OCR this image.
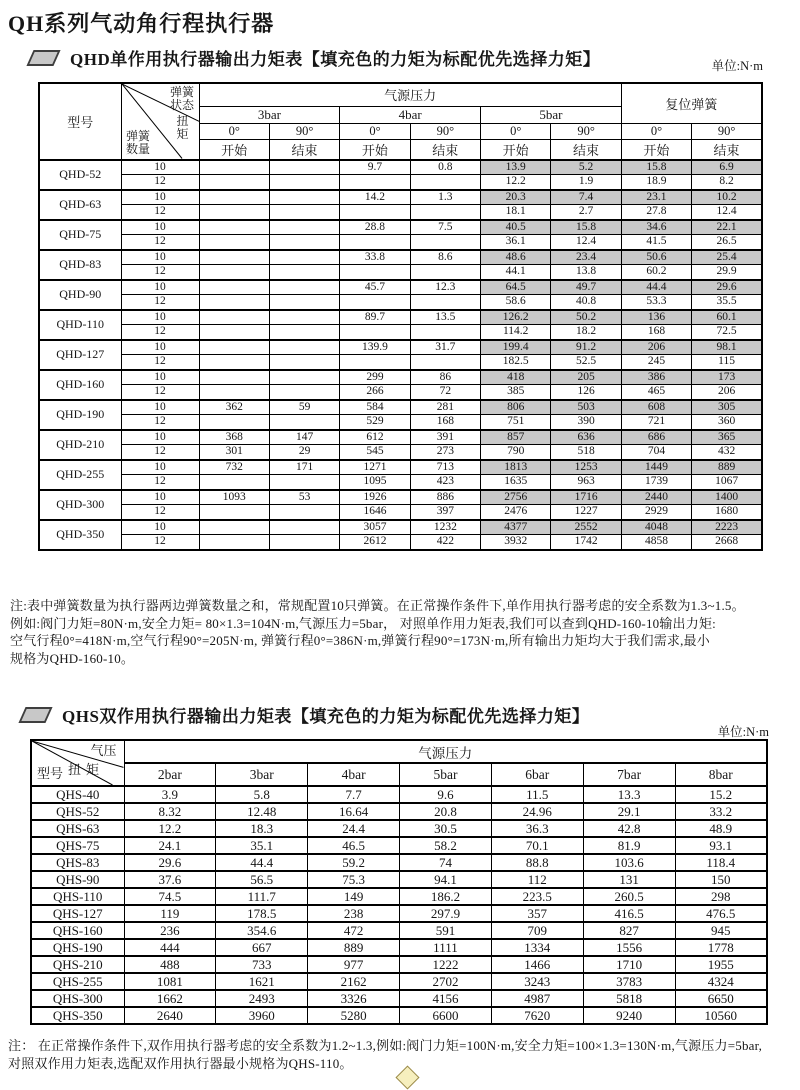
QH系列气动角行程执行器
QHD单作用执行器输出力矩表【填充色的力矩为标配优先选择力矩】	单位:N·m
型号	弹簧状态
扭矩
弹簧数量	气源压力						复位弹簧	
		3bar		4bar		5bar			
		0°	90°	0°	90°	0°	90°	0°	90°
		开始	结束	开始	结束	开始	结束	开始	结束
QHD-52	10			9.7	0.8	13.9	5.2	15.8	6.9
	12					12.2	1.9	18.9	8.2
QHD-63	10			14.2	1.3	20.3	7.4	23.1	10.2
	12					18.1	2.7	27.8	12.4
QHD-75	10			28.8	7.5	40.5	15.8	34.6	22.1
	12					36.1	12.4	41.5	26.5
QHD-83	10			33.8	8.6	48.6	23.4	50.6	25.4
	12					44.1	13.8	60.2	29.9
QHD-90	10			45.7	12.3	64.5	49.7	44.4	29.6
	12					58.6	40.8	53.3	35.5
QHD-110	10			89.7	13.5	126.2	50.2	136	60.1
	12					114.2	18.2	168	72.5
QHD-127	10			139.9	31.7	199.4	91.2	206	98.1
	12					182.5	52.5	245	115
QHD-160	10			299	86	418	205	386	173
	12			266	72	385	126	465	206
QHD-190	10	362	59	584	281	806	503	608	305
	12			529	168	751	390	721	360
QHD-210	10	368	147	612	391	857	636	686	365
	12	301	29	545	273	790	518	704	432
QHD-255	10	732	171	1271	713	1813	1253	1449	889
	12			1095	423	1635	963	1739	1067
QHD-300	10	1093	53	1926	886	2756	1716	2440	1400
	12			1646	397	2476	1227	2929	1680
QHD-350	10			3057	1232	4377	2552	4048	2223
	12			2612	422	3932	1742	4858	2668
注:表中弹簧数量为执行器两边弹簧数量之和，常规配置10只弹簧。在正常操作条件下,单作用执行器考虑的安全系数为1.3~1.5。
例如:阀门力矩=80N·m,安全力矩= 80×1.3=104N·m,气源压力=5bar， 对照单作用力矩表,我们可以查到QHD-160-10输出力矩:
空气行程0°=418N·m,空气行程90°=205N·m, 弹簧行程0°=386N·m,弹簧行程90°=173N·m,所有输出力矩均大于我们需求,最小
规格为QHD-160-10。
QHS双作用执行器输出力矩表【填充色的力矩为标配优先选择力矩】
单位:N·m
气压
扭矩
型号	气源压力						
	2bar	3bar	4bar	5bar	6bar	7bar	8bar
QHS-40	3.9	5.8	7.7	9.6	11.5	13.3	15.2
QHS-52	8.32	12.48	16.64	20.8	24.96	29.1	33.2
QHS-63	12.2	18.3	24.4	30.5	36.3	42.8	48.9
QHS-75	24.1	35.1	46.5	58.2	70.1	81.9	93.1
QHS-83	29.6	44.4	59.2	74	88.8	103.6	118.4
QHS-90	37.6	56.5	75.3	94.1	112	131	150
QHS-110	74.5	111.7	149	186.2	223.5	260.5	298
QHS-127	119	178.5	238	297.9	357	416.5	476.5
QHS-160	236	354.6	472	591	709	827	945
QHS-190	444	667	889	1111	1334	1556	1778
QHS-210	488	733	977	1222	1466	1710	1955
QHS-255	1081	1621	2162	2702	3243	3783	4324
QHS-300	1662	2493	3326	4156	4987	5818	6650
QHS-350	2640	3960	5280	6600	7620	9240	10560
注： 在正常操作条件下,双作用执行器考虑的安全系数为1.2~1.3,例如:阀门力矩=100N·m,安全力矩=100×1.3=130N·m,气源压力=5bar,
对照双作用力矩表,选配双作用执行器最小规格为QHS-110。
